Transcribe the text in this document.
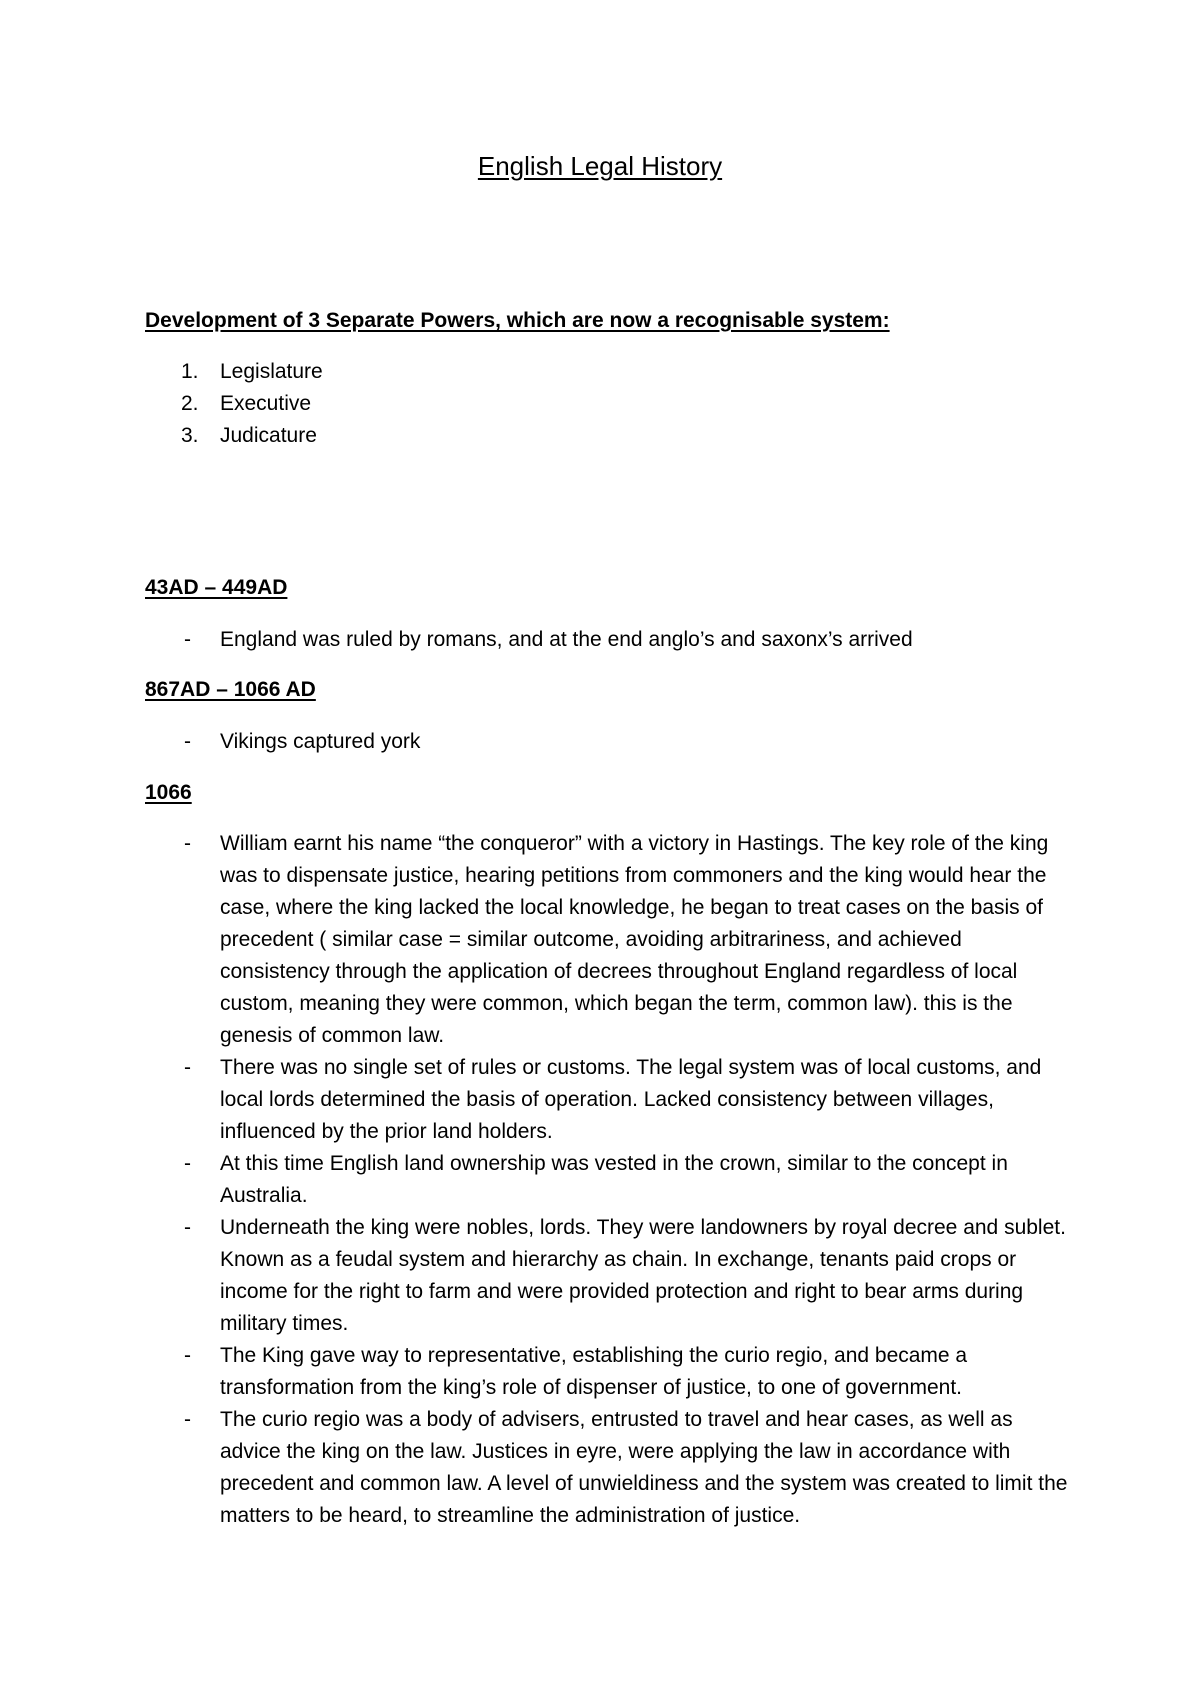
English Legal History
Development of 3 Separate Powers, which are now a recognisable system:
1. Legislature
2. Executive
3. Judicature
43AD – 449AD
- England was ruled by romans, and at the end anglo’s and saxonx’s arrived
867AD – 1066 AD
- Vikings captured york
1066
- William earnt his name “the conqueror” with a victory in Hastings. The key role of the king was to dispensate justice, hearing petitions from commoners and the king would hear the case, where the king lacked the local knowledge, he began to treat cases on the basis of precedent ( similar case = similar outcome, avoiding arbitrariness, and achieved consistency through the application of decrees throughout England regardless of local custom, meaning they were common, which began the term, common law). this is the genesis of common law.
- There was no single set of rules or customs. The legal system was of local customs, and local lords determined the basis of operation. Lacked consistency between villages, influenced by the prior land holders.
- At this time English land ownership was vested in the crown, similar to the concept in Australia.
- Underneath the king were nobles, lords. They were landowners by royal decree and sublet. Known as a feudal system and hierarchy as chain. In exchange, tenants paid crops or income for the right to farm and were provided protection and right to bear arms during military times.
- The King gave way to representative, establishing the curio regio, and became a transformation from the king’s role of dispenser of justice, to one of government.
- The curio regio was a body of advisers, entrusted to travel and hear cases, as well as advice the king on the law. Justices in eyre, were applying the law in accordance with precedent and common law. A level of unwieldiness and the system was created to limit the matters to be heard, to streamline the administration of justice.
